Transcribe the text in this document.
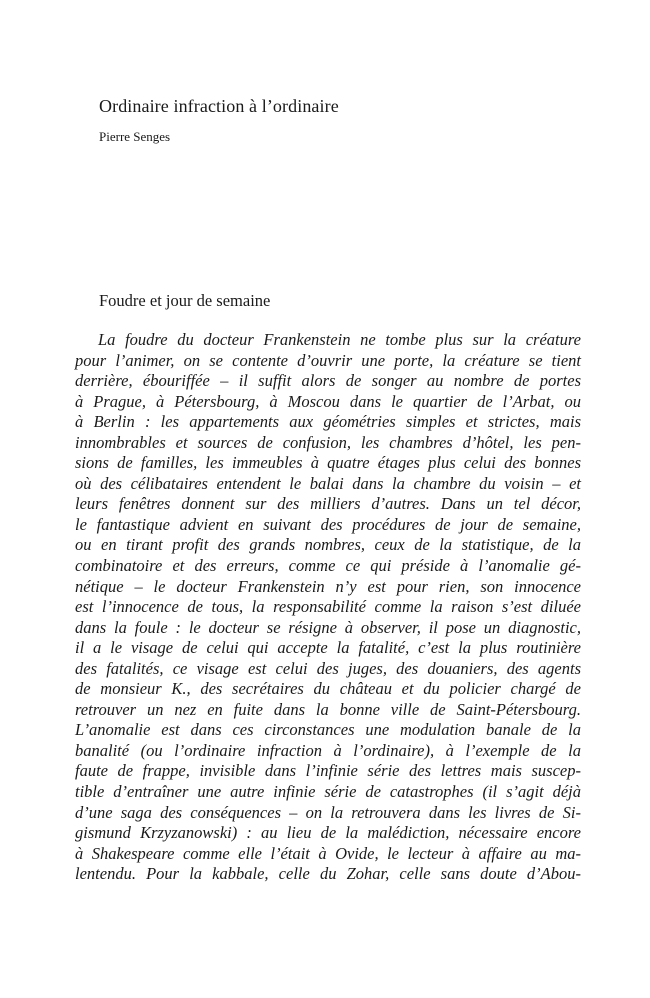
Ordinaire infraction à l’ordinaire

Pierre Senges

Foudre et jour de semaine
La foudre du docteur Frankenstein ne tombe plus sur la créature
pour l’animer, on se contente d’ouvrir une porte, la créature se tient
derrière, ébouriffée – il suffit alors de songer au nombre de portes
à Prague, à Pétersbourg, à Moscou dans le quartier de l’Arbat, ou
à Berlin : les appartements aux géométries simples et strictes, mais
innombrables et sources de confusion, les chambres d’hôtel, les pen-
sions de familles, les immeubles à quatre étages plus celui des bonnes
où des célibataires entendent le balai dans la chambre du voisin – et
leurs fenêtres donnent sur des milliers d’autres. Dans un tel décor,
le fantastique advient en suivant des procédures de jour de semaine,
ou en tirant profit des grands nombres, ceux de la statistique, de la
combinatoire et des erreurs, comme ce qui préside à l’anomalie gé-
nétique – le docteur Frankenstein n’y est pour rien, son innocence
est l’innocence de tous, la responsabilité comme la raison s’est diluée
dans la foule : le docteur se résigne à observer, il pose un diagnostic,
il a le visage de celui qui accepte la fatalité, c’est la plus routinière
des fatalités, ce visage est celui des juges, des douaniers, des agents
de monsieur K., des secrétaires du château et du policier chargé de
retrouver un nez en fuite dans la bonne ville de Saint-Pétersbourg.
L’anomalie est dans ces circonstances une modulation banale de la
banalité (ou l’ordinaire infraction à l’ordinaire), à l’exemple de la
faute de frappe, invisible dans l’infinie série des lettres mais suscep-
tible d’entraîner une autre infinie série de catastrophes (il s’agit déjà
d’une saga des conséquences – on la retrouvera dans les livres de Si-
gismund Krzyzanowski) : au lieu de la malédiction, nécessaire encore
à Shakespeare comme elle l’était à Ovide, le lecteur à affaire au ma-
lentendu. Pour la kabbale, celle du Zohar, celle sans doute d’Abou-
